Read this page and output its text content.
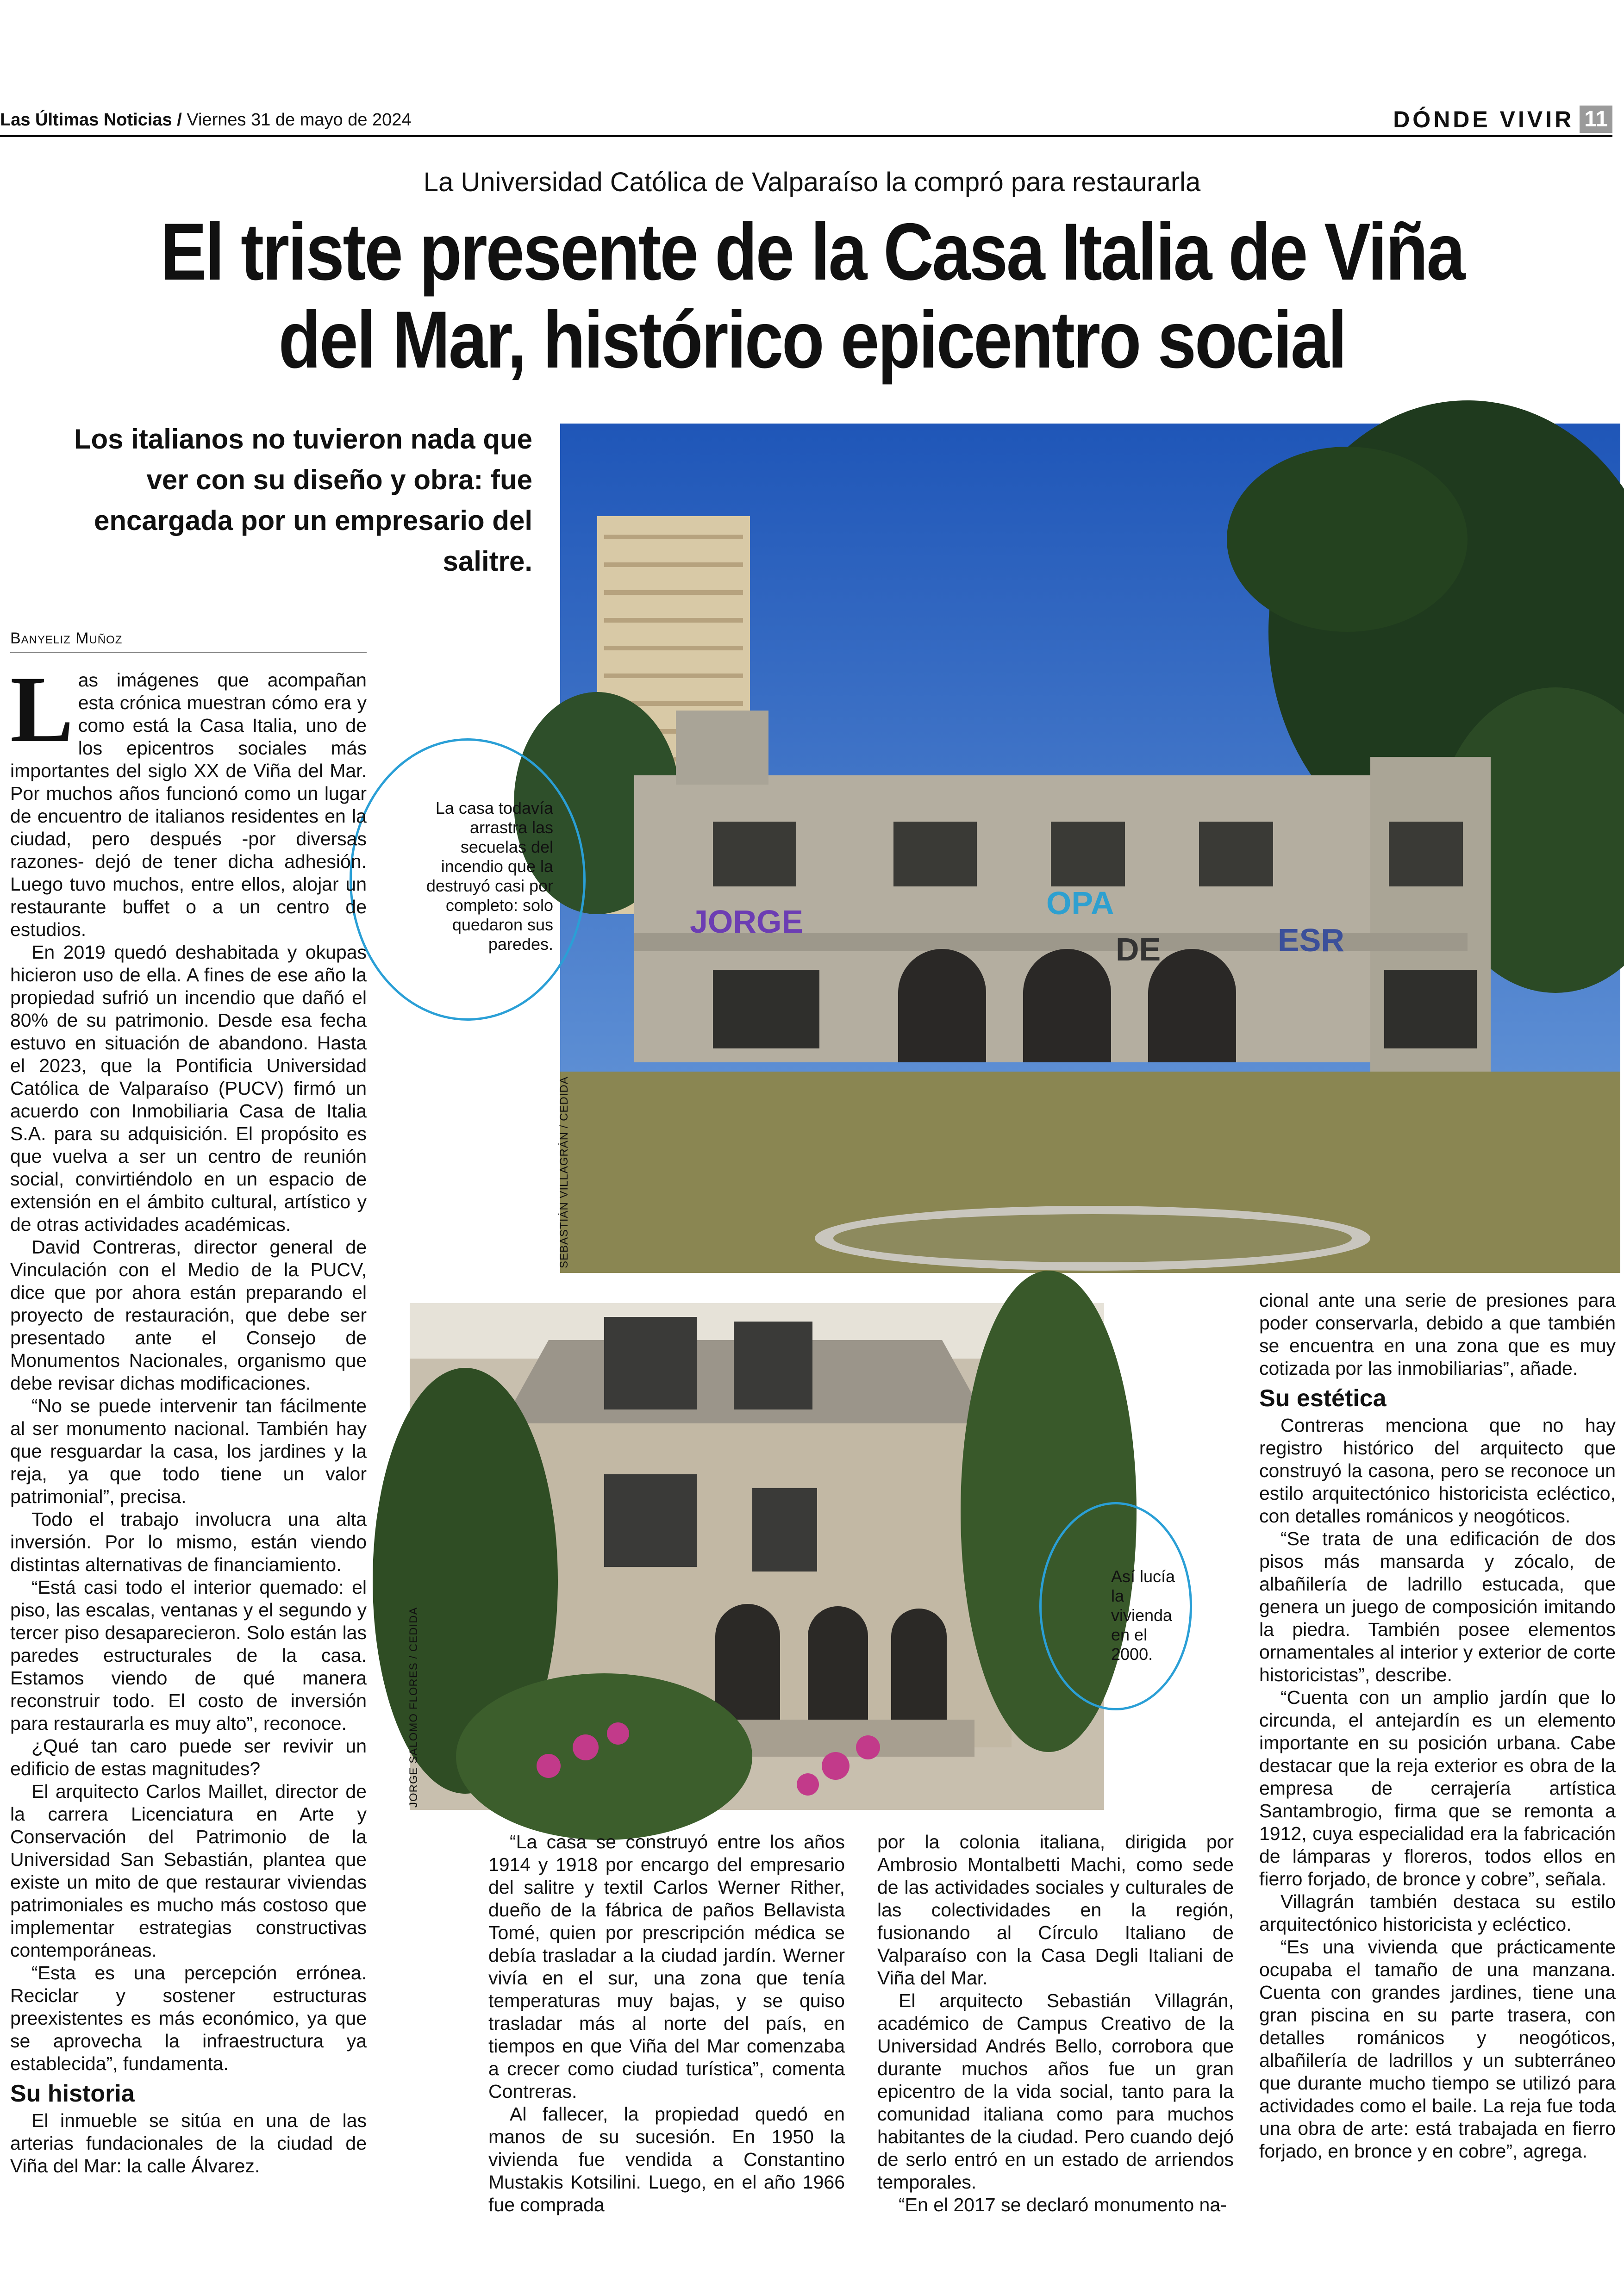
Las Últimas Noticias / Viernes 31 de mayo de 2024	DÓNDE VIVIR 11
La Universidad Católica de Valparaíso la compró para restaurarla
El triste presente de la Casa Italia de Viña del Mar, histórico epicentro social
Los italianos no tuvieron nada que ver con su diseño y obra: fue encargada por un empresario del salitre.
Banyeliz Muñoz
JORGE
ESR
OPA
DE
SEBASTIÁN VILLAGRÁN / CEDIDA
La casa todavía arrastra las secuelas del incendio que la destruyó casi por completo: solo quedaron sus paredes.
JORGE SALOMO FLORES / CEDIDA
Así lucía la vivienda en el 2000.
L as imágenes que acompañan esta crónica muestran cómo era y como está la Casa Italia, uno de los epicentros sociales más importantes del siglo XX de Viña del Mar. Por muchos años funcionó como un lugar de encuentro de italianos residentes en la ciudad, pero después -por diversas razones- dejó de tener dicha adhesión. Luego tuvo muchos, entre ellos, alojar un restaurante buffet o a un centro de estudios.

En 2019 quedó deshabitada y okupas hicieron uso de ella. A fines de ese año la propiedad sufrió un incendio que dañó el 80% de su patrimonio. Desde esa fecha estuvo en situación de abandono. Hasta el 2023, que la Pontificia Universidad Católica de Valparaíso (PUCV) firmó un acuerdo con Inmobiliaria Casa de Italia S.A. para su adquisición. El propósito es que vuelva a ser un centro de reunión social, convirtiéndolo en un espacio de extensión en el ámbito cultural, artístico y de otras actividades académicas.

David Contreras, director general de Vinculación con el Medio de la PUCV, dice que por ahora están preparando el proyecto de restauración, que debe ser presentado ante el Consejo de Monumentos Nacionales, organismo que debe revisar dichas modificaciones.

“No se puede intervenir tan fácilmente al ser monumento nacional. También hay que resguardar la casa, los jardines y la reja, ya que todo tiene un valor patrimonial”, precisa.

Todo el trabajo involucra una alta inversión. Por lo mismo, están viendo distintas alternativas de financiamiento.

“Está casi todo el interior quemado: el piso, las escalas, ventanas y el segundo y tercer piso desaparecieron. Solo están las paredes estructurales de la casa. Estamos viendo de qué manera reconstruir todo. El costo de inversión para restaurarla es muy alto”, reconoce.

¿Qué tan caro puede ser revivir un edificio de estas magnitudes?

El arquitecto Carlos Maillet, director de la carrera Licenciatura en Arte y Conservación del Patrimonio de la Universidad San Sebastián, plantea que existe un mito de que restaurar viviendas patrimoniales es mucho más costoso que implementar estrategias constructivas contemporáneas.

“Esta es una percepción errónea. Reciclar y sostener estructuras preexistentes es más económico, ya que se aprovecha la infraestructura ya establecida”, fundamenta.

Su historia

El inmueble se sitúa en una de las arterias fundacionales de la ciudad de Viña del Mar: la calle Álvarez.

“La casa se construyó entre los años 1914 y 1918 por encargo del empresario del salitre y textil Carlos Werner Rither, dueño de la fábrica de paños Bellavista Tomé, quien por prescripción médica se debía trasladar a la ciudad jardín. Werner vivía en el sur, una zona que tenía temperaturas muy bajas, y se quiso trasladar más al norte del país, en tiempos en que Viña del Mar comenzaba a crecer como ciudad turística”, comenta Contreras.

Al fallecer, la propiedad quedó en manos de su sucesión. En 1950 la vivienda fue vendida a Constantino Mustakis Kotsilini. Luego, en el año 1966 fue comprada

por la colonia italiana, dirigida por Ambrosio Montalbetti Machi, como sede de las actividades sociales y culturales de las colectividades en la región, fusionando al Círculo Italiano de Valparaíso con la Casa Degli Italiani de Viña del Mar.

El arquitecto Sebastián Villagrán, académico de Campus Creativo de la Universidad Andrés Bello, corrobora que durante muchos años fue un gran epicentro de la vida social, tanto para la comunidad italiana como para muchos habitantes de la ciudad. Pero cuando dejó de serlo entró en un estado de arriendos temporales.

“En el 2017 se declaró monumento na-

cional ante una serie de presiones para poder conservarla, debido a que también se encuentra en una zona que es muy cotizada por las inmobiliarias”, añade.

Su estética

Contreras menciona que no hay registro histórico del arquitecto que construyó la casona, pero se reconoce un estilo arquitectónico historicista ecléctico, con detalles románicos y neogóticos.

“Se trata de una edificación de dos pisos más mansarda y zócalo, de albañilería de ladrillo estucada, que genera un juego de composición imitando la piedra. También posee elementos ornamentales al interior y exterior de corte historicistas”, describe.

“Cuenta con un amplio jardín que lo circunda, el antejardín es un elemento importante en su posición urbana. Cabe destacar que la reja exterior es obra de la empresa de cerrajería artística Santambrogio, firma que se remonta a 1912, cuya especialidad era la fabricación de lámparas y floreros, todos ellos en fierro forjado, de bronce y cobre”, señala.

Villagrán también destaca su estilo arquitectónico historicista y ecléctico.

“Es una vivienda que prácticamente ocupaba el tamaño de una manzana. Cuenta con grandes jardines, tiene una gran piscina en su parte trasera, con detalles románicos y neogóticos, albañilería de ladrillos y un subterráneo que durante mucho tiempo se utilizó para actividades como el baile. La reja fue toda una obra de arte: está trabajada en fierro forjado, en bronce y en cobre”, agrega.
